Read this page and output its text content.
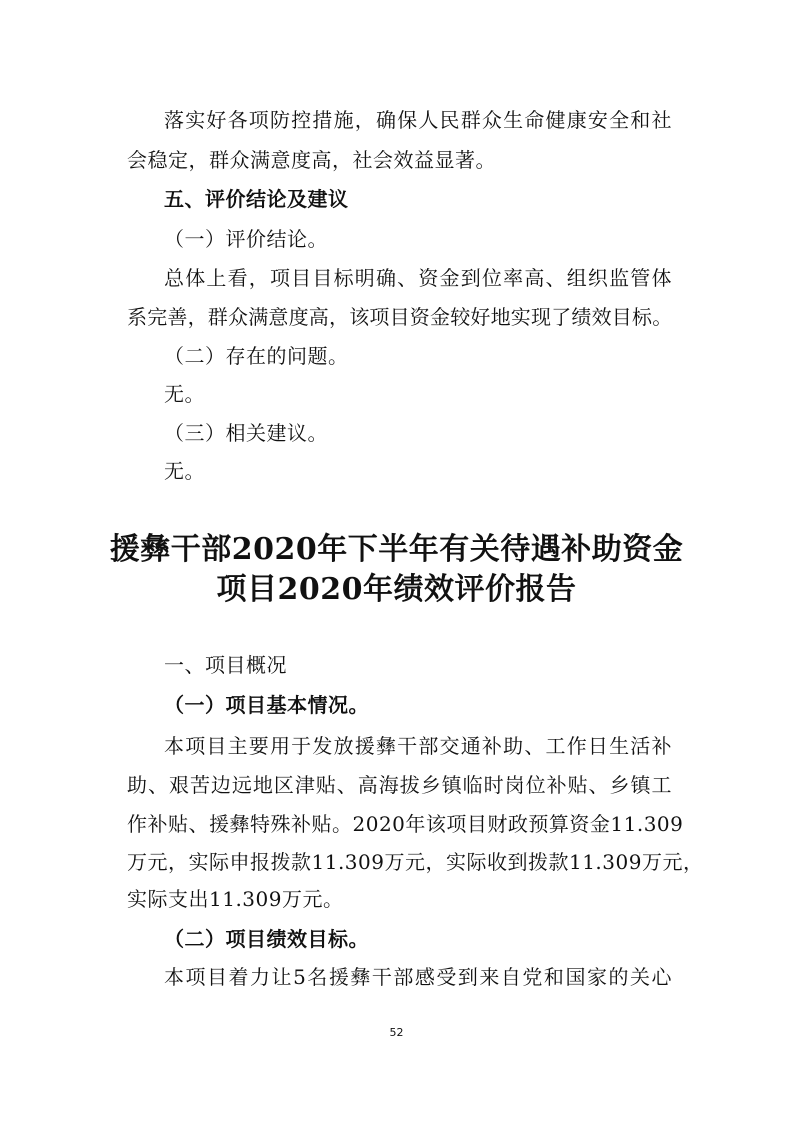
落实好各项防控措施，确保人民群众生命健康安全和社
会稳定，群众满意度高，社会效益显著。
五、评价结论及建议
（一）评价结论。
总体上看，项目目标明确、资金到位率高、组织监管体
系完善，群众满意度高，该项目资金较好地实现了绩效目标。
（二）存在的问题。
无。
（三）相关建议。
无。
援彝干部2020年下半年有关待遇补助资金
项目2020年绩效评价报告
一、项目概况
（一）项目基本情况。
本项目主要用于发放援彝干部交通补助、工作日生活补
助、艰苦边远地区津贴、高海拔乡镇临时岗位补贴、乡镇工
作补贴、援彝特殊补贴。2020年该项目财政预算资金11.309
万元，实际申报拨款11.309万元，实际收到拨款11.309万元，
实际支出11.309万元。
（二）项目绩效目标。
本项目着力让5名援彝干部感受到来自党和国家的关心
52
